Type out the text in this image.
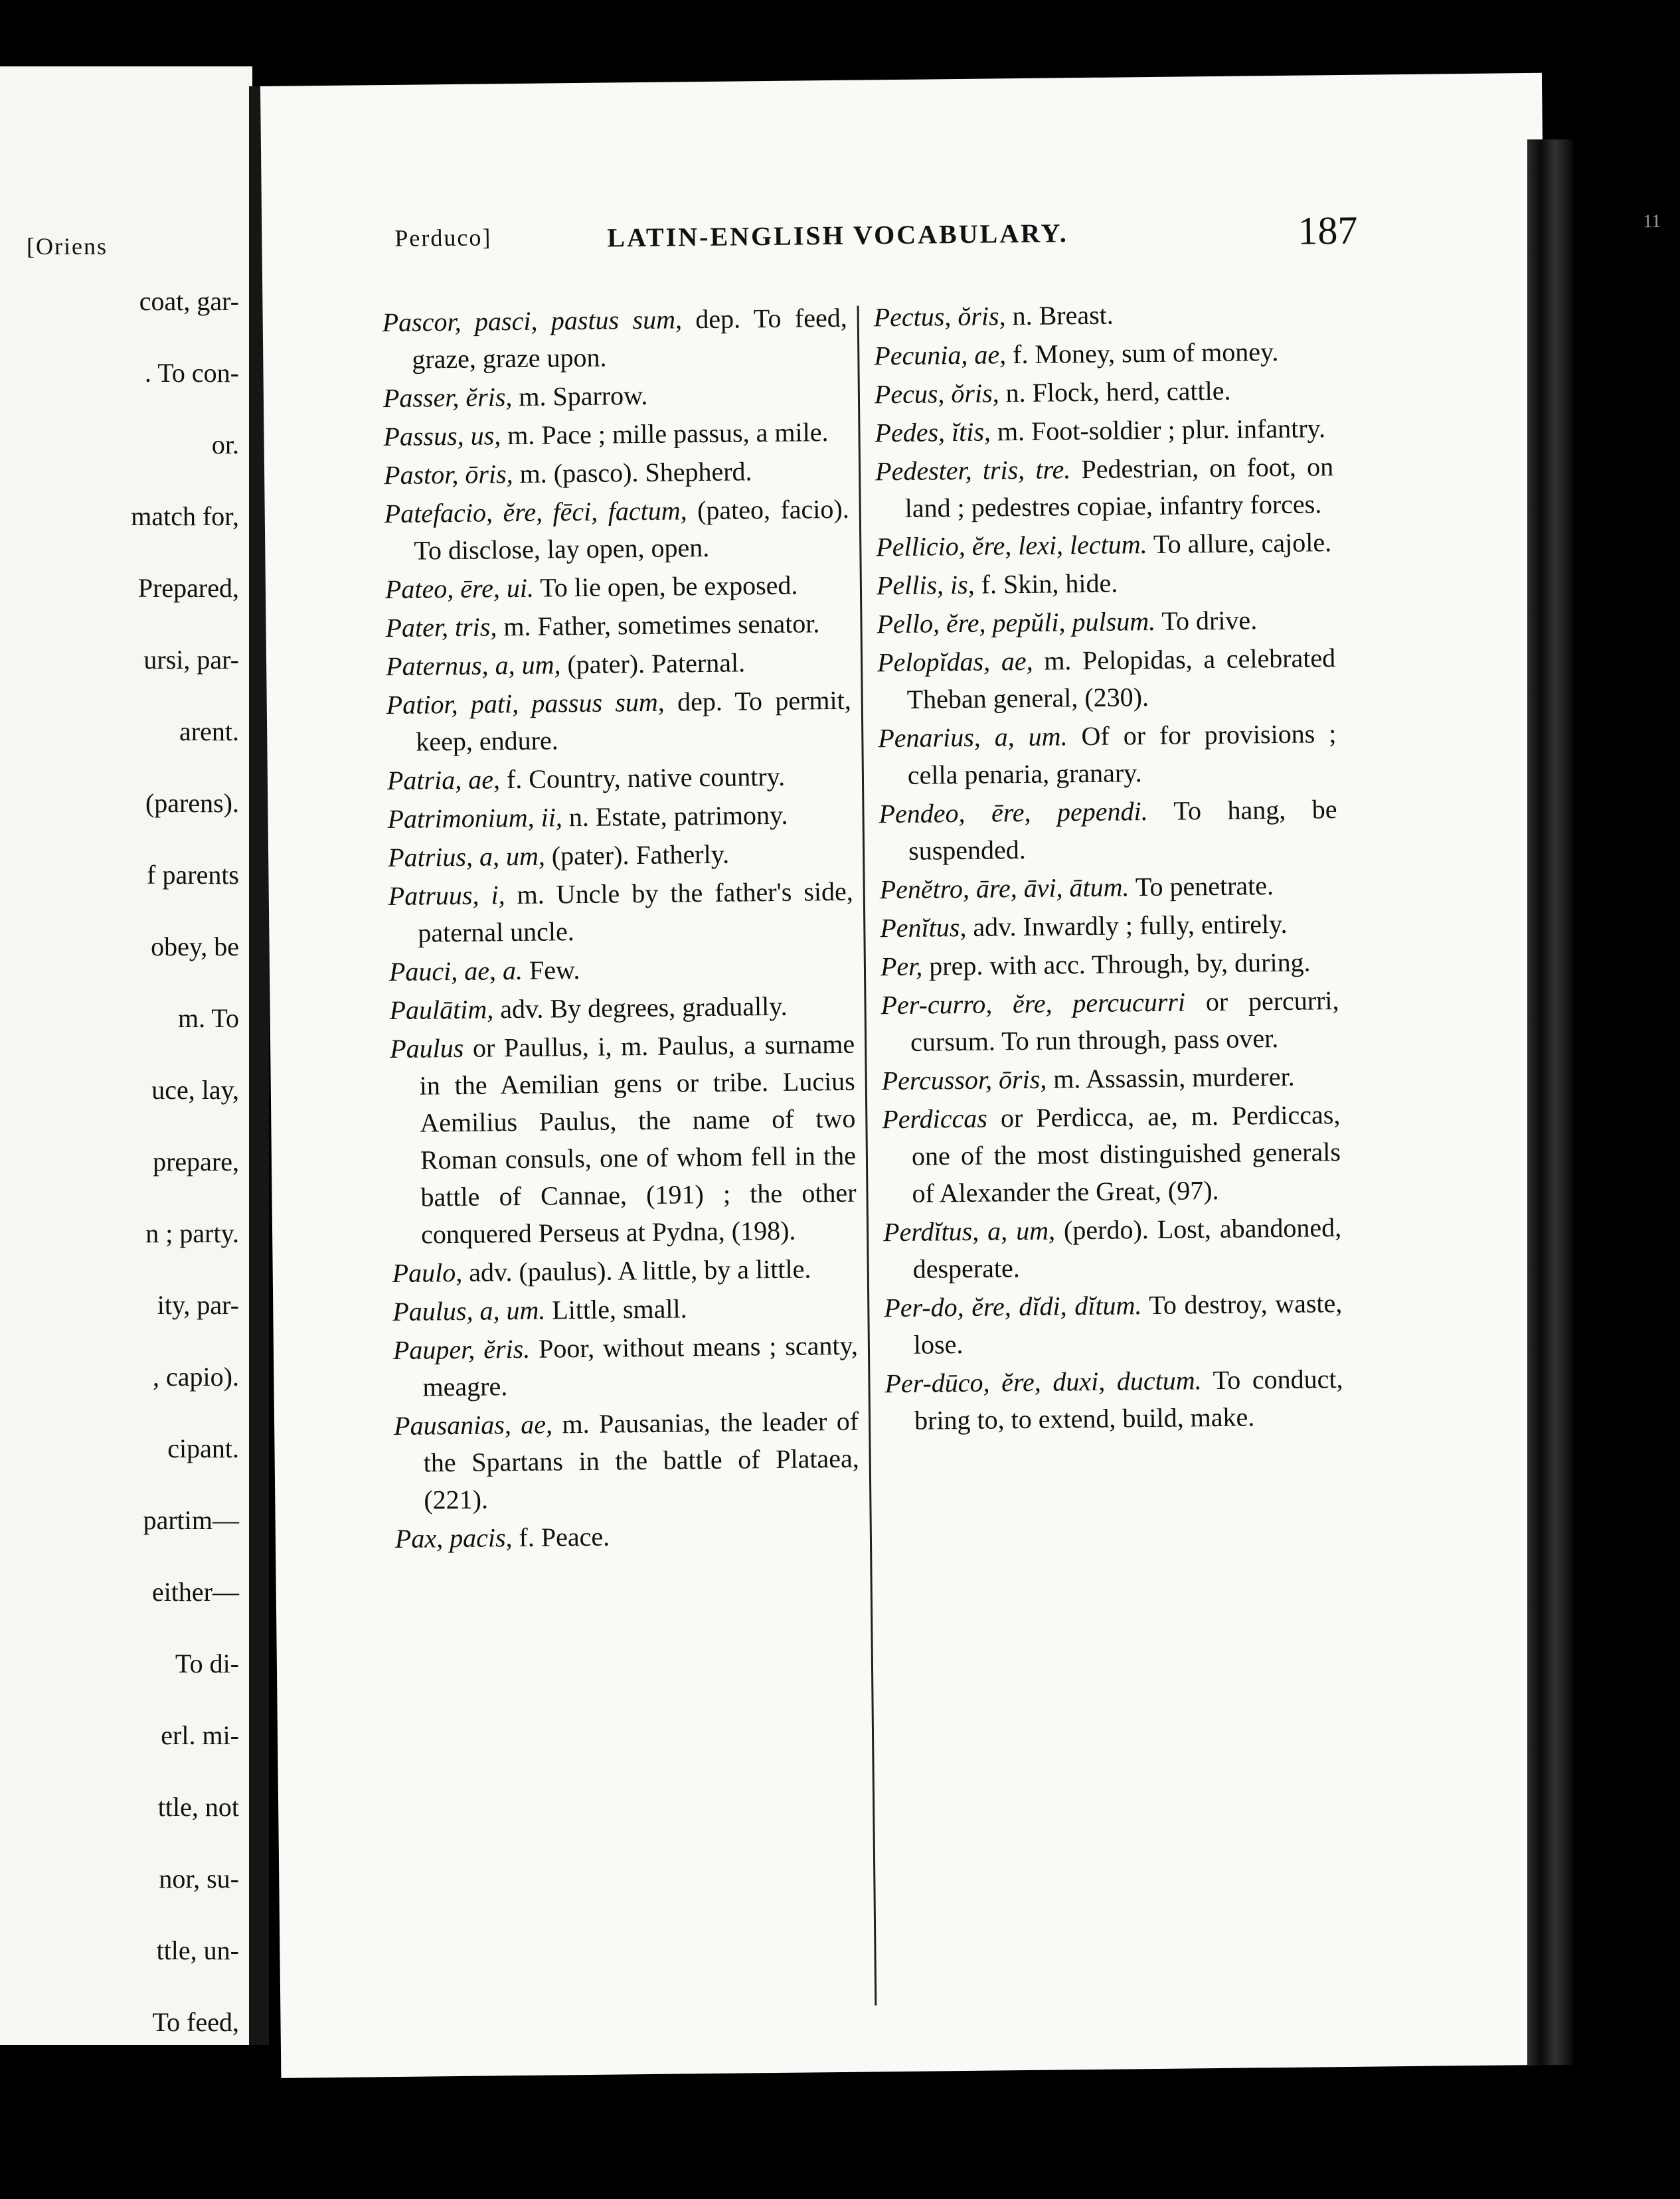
[Oriens
coat, gar-
. To con-
or.
match for,
Prepared,
ursi, par-
arent.
(parens).
f parents
obey, be
m. To
uce, lay,
prepare,
n ; party.
ity, par-
, capio).
cipant.
partim—
either—
To di-
erl. mi-
ttle, not
nor, su-
ttle, un-
To feed,
11
Perduco]	LATIN-ENGLISH VOCABULARY.	187
Pascor, pasci, pastus sum, dep. To feed, graze, graze upon.
Passer, ĕris, m. Sparrow.
Passus, us, m. Pace ; mille passus, a mile.
Pastor, ōris, m. (pasco). Shepherd.
Patefacio, ĕre, fēci, factum, (pateo, facio). To disclose, lay open, open.
Pateo, ēre, ui. To lie open, be exposed.
Pater, tris, m. Father, sometimes senator.
Paternus, a, um, (pater). Paternal.
Patior, pati, passus sum, dep. To permit, keep, endure.
Patria, ae, f. Country, native country.
Patrimonium, ii, n. Estate, patrimony.
Patrius, a, um, (pater). Fatherly.
Patruus, i, m. Uncle by the father's side, paternal uncle.
Pauci, ae, a. Few.
Paulātim, adv. By degrees, gradually.
Paulus or Paullus, i, m. Paulus, a surname in the Aemilian gens or tribe. Lucius Aemilius Paulus, the name of two Roman consuls, one of whom fell in the battle of Cannae, (191) ; the other conquered Perseus at Pydna, (198).
Paulo, adv. (paulus). A little, by a little.
Paulus, a, um. Little, small.
Pauper, ĕris. Poor, without means ; scanty, meagre.
Pausanias, ae, m. Pausanias, the leader of the Spartans in the battle of Plataea, (221).
Pax, pacis, f. Peace.
Pectus, ŏris, n. Breast.
Pecunia, ae, f. Money, sum of money.
Pecus, ŏris, n. Flock, herd, cattle.
Pedes, ĭtis, m. Foot-soldier ; plur. infantry.
Pedester, tris, tre. Pedestrian, on foot, on land ; pedestres copiae, infantry forces.
Pellicio, ĕre, lexi, lectum. To allure, cajole.
Pellis, is, f. Skin, hide.
Pello, ĕre, pepŭli, pulsum. To drive.
Pelopĭdas, ae, m. Pelopidas, a celebrated Theban general, (230).
Penarius, a, um. Of or for provisions ; cella penaria, granary.
Pendeo, ēre, pependi. To hang, be suspended.
Penĕtro, āre, āvi, ātum. To penetrate.
Penĭtus, adv. Inwardly ; fully, entirely.
Per, prep. with acc. Through, by, during.
Per-curro, ĕre, percucurri or percurri, cursum. To run through, pass over.
Percussor, ōris, m. Assassin, murderer.
Perdiccas or Perdicca, ae, m. Perdiccas, one of the most distinguished generals of Alexander the Great, (97).
Perdĭtus, a, um, (perdo). Lost, abandoned, desperate.
Per-do, ĕre, dĭdi, dĭtum. To destroy, waste, lose.
Per-dūco, ĕre, duxi, ductum. To conduct, bring to, to extend, build, make.
